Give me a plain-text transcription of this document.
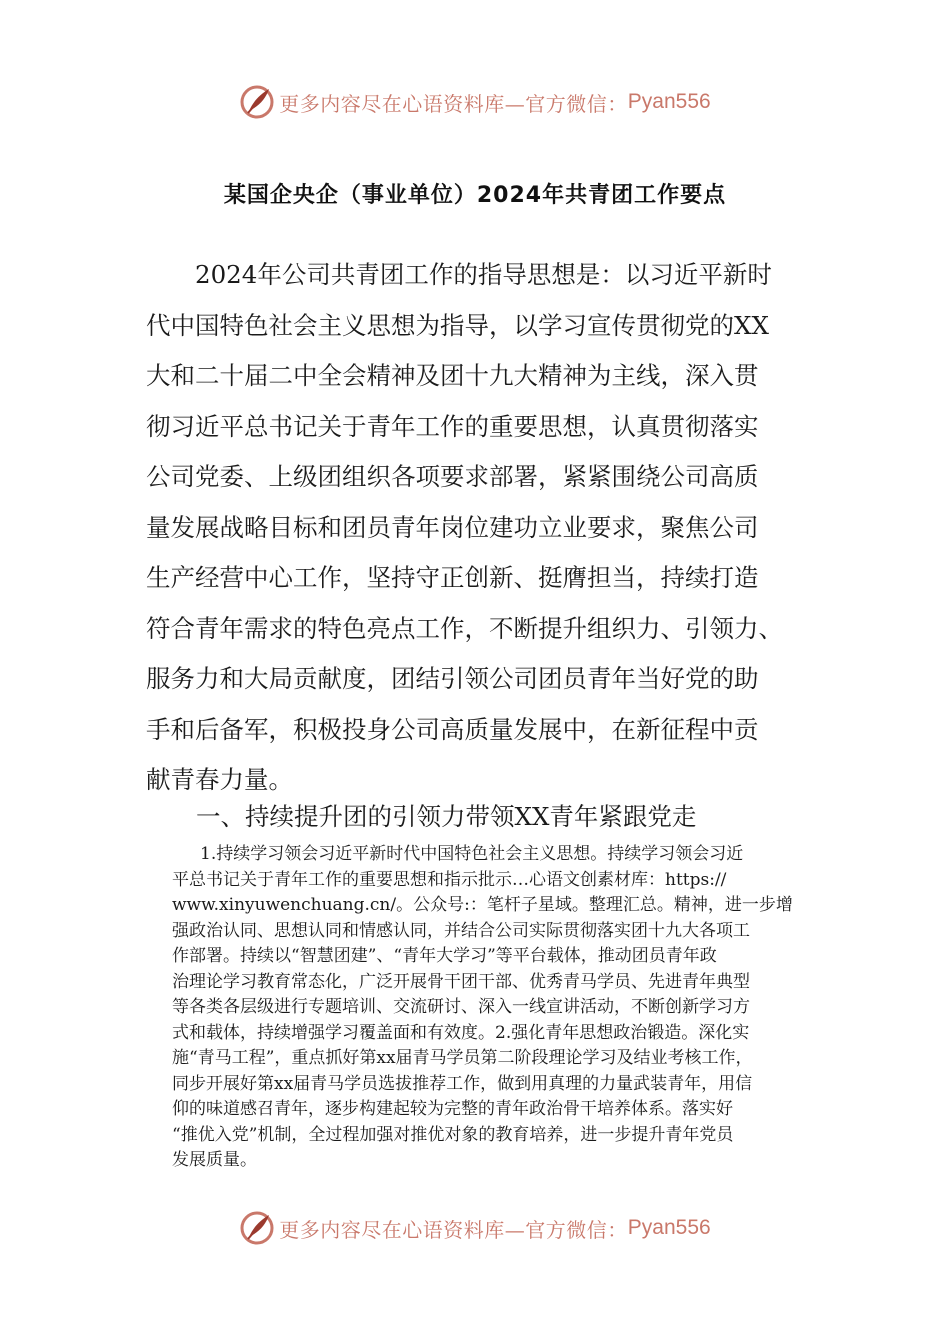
更多内容尽在心语资料库—官方微信： Pyan556
某国企央企（事业单位）2024年共青团工作要点
2024年公司共青团工作的指导思想是：以习近平新时
代中国特色社会主义思想为指导，以学习宣传贯彻党的XX
大和二十届二中全会精神及团十九大精神为主线，深入贯
彻习近平总书记关于青年工作的重要思想，认真贯彻落实
公司党委、上级团组织各项要求部署，紧紧围绕公司高质
量发展战略目标和团员青年岗位建功立业要求，聚焦公司
生产经营中心工作，坚持守正创新、挺膺担当，持续打造
符合青年需求的特色亮点工作，不断提升组织力、引领力、
服务力和大局贡献度，团结引领公司团员青年当好党的助
手和后备军，积极投身公司高质量发展中，在新征程中贡
献青春力量。
一、持续提升团的引领力带领XX青年紧跟党走
1.持续学习领会习近平新时代中国特色社会主义思想。持续学习领会习近
平总书记关于青年工作的重要思想和指示批示…心语文创素材库：https://
www.xinyuwenchuang.cn/。公众号:：笔杆子星域。整理汇总。精神，进一步增
强政治认同、思想认同和情感认同，并结合公司实际贯彻落实团十九大各项工
作部署。持续以“智慧团建”、“青年大学习”等平台载体，推动团员青年政
治理论学习教育常态化，广泛开展骨干团干部、优秀青马学员、先进青年典型
等各类各层级进行专题培训、交流研讨、深入一线宣讲活动，不断创新学习方
式和载体，持续增强学习覆盖面和有效度。2.强化青年思想政治锻造。深化实
施“青马工程”，重点抓好第xx届青马学员第二阶段理论学习及结业考核工作，
同步开展好第xx届青马学员选拔推荐工作，做到用真理的力量武装青年，用信
仰的味道感召青年，逐步构建起较为完整的青年政治骨干培养体系。落实好
“推优入党”机制，全过程加强对推优对象的教育培养，进一步提升青年党员
发展质量。
更多内容尽在心语资料库—官方微信： Pyan556
